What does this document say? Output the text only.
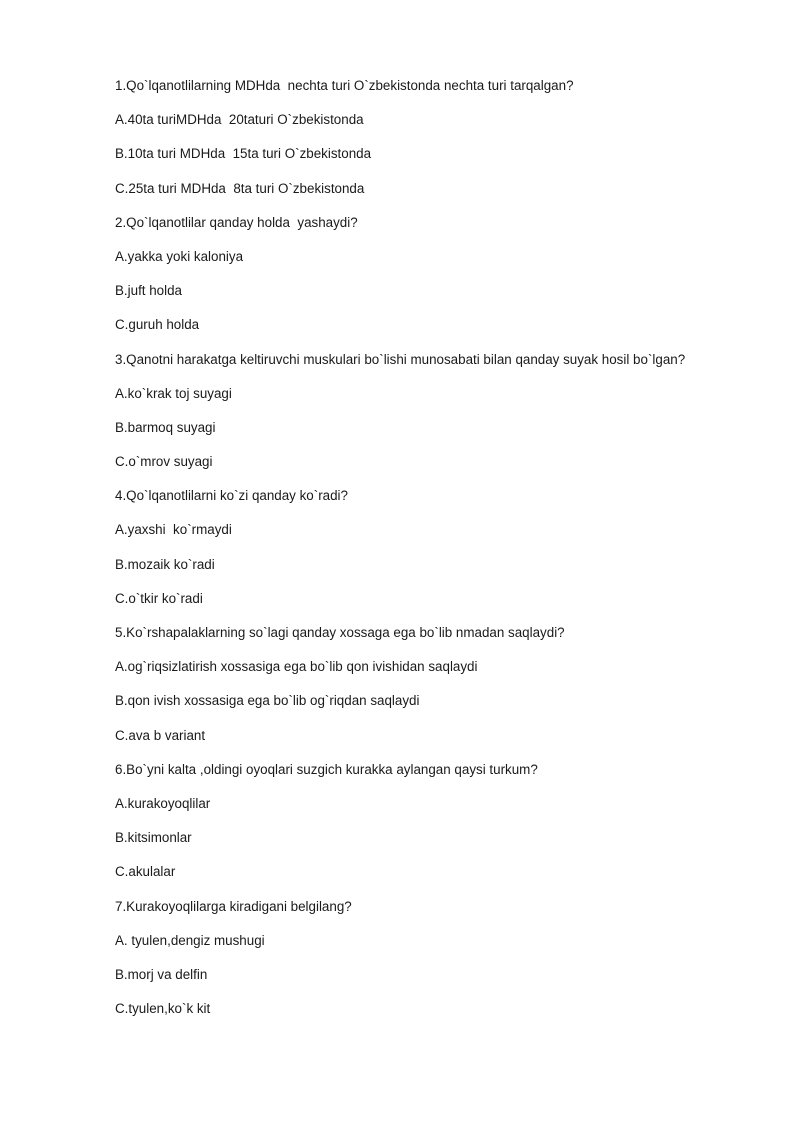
1.Qo`lqanotlilarning MDHda  nechta turi O`zbekistonda nechta turi tarqalgan?
A.40ta turiMDHda  20taturi O`zbekistonda
B.10ta turi MDHda  15ta turi O`zbekistonda
C.25ta turi MDHda  8ta turi O`zbekistonda
2.Qo`lqanotlilar qanday holda  yashaydi?
A.yakka yoki kaloniya
B.juft holda
C.guruh holda
3.Qanotni harakatga keltiruvchi muskulari bo`lishi munosabati bilan qanday suyak hosil bo`lgan?
A.ko`krak toj suyagi
B.barmoq suyagi
C.o`mrov suyagi
4.Qo`lqanotlilarni ko`zi qanday ko`radi?
A.yaxshi  ko`rmaydi
B.mozaik ko`radi
C.o`tkir ko`radi
5.Ko`rshapalaklarning so`lagi qanday xossaga ega bo`lib nmadan saqlaydi?
A.og`riqsizlatirish xossasiga ega bo`lib qon ivishidan saqlaydi
B.qon ivish xossasiga ega bo`lib og`riqdan saqlaydi
C.ava b variant
6.Bo`yni kalta ,oldingi oyoqlari suzgich kurakka aylangan qaysi turkum?
A.kurakoyoqlilar
B.kitsimonlar
C.akulalar
7.Kurakoyoqlilarga kiradigani belgilang?
A. tyulen,dengiz mushugi
B.morj va delfin
C.tyulen,ko`k kit
